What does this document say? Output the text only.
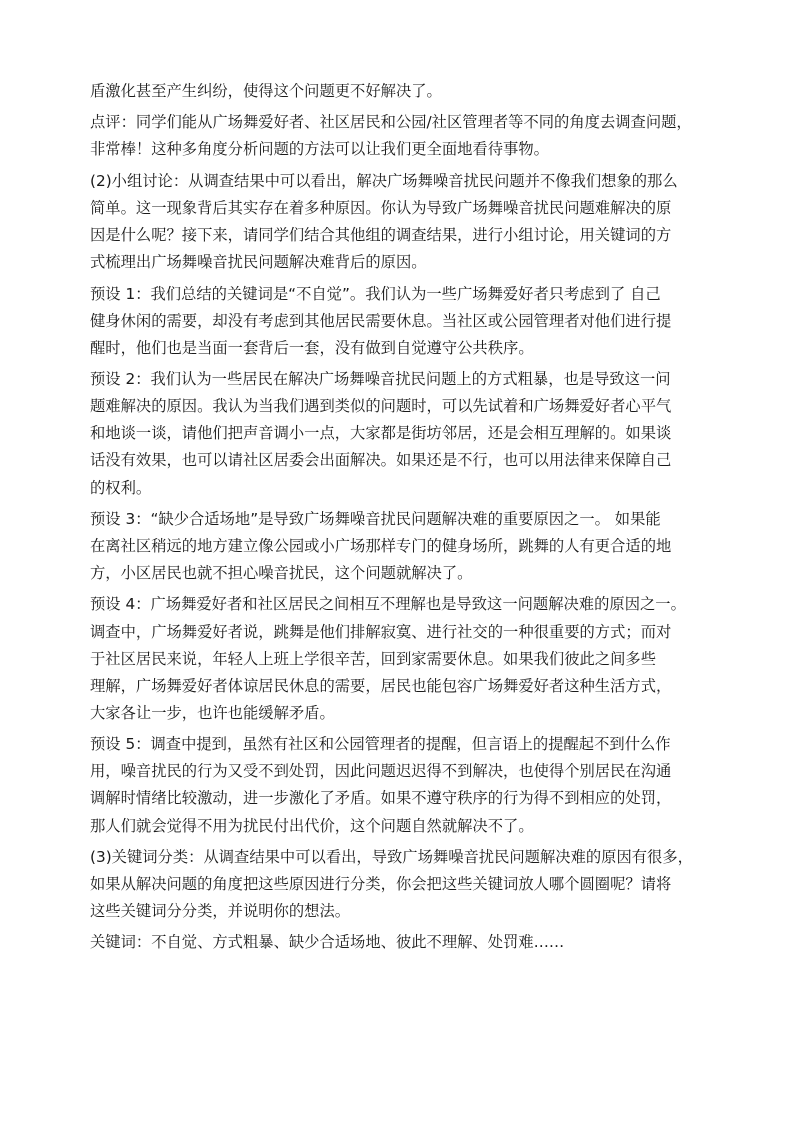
盾激化甚至产生纠纷，使得这个问题更不好解决了。

点评：同学们能从广场舞爱好者、社区居民和公园/社区管理者等不同的角度去调查问题，
非常棒！这种多角度分析问题的方法可以让我们更全面地看待事物。

(2)小组讨论：从调查结果中可以看出，解决广场舞噪音扰民问题并不像我们想象的那么
简单。这一现象背后其实存在着多种原因。你认为导致广场舞噪音扰民问题难解决的原
因是什么呢？接下来，请同学们结合其他组的调查结果，进行小组讨论，用关键词的方
式梳理出广场舞噪音扰民问题解决难背后的原因。

预设 1：我们总结的关键词是“不自觉”。我们认为一些广场舞爱好者只考虑到了 自己
健身休闲的需要，却没有考虑到其他居民需要休息。当社区或公园管理者对他们进行提
醒时，他们也是当面一套背后一套，没有做到自觉遵守公共秩序。

预设 2：我们认为一些居民在解决广场舞噪音扰民问题上的方式粗暴，也是导致这一问
题难解决的原因。我认为当我们遇到类似的问题时，可以先试着和广场舞爱好者心平气
和地谈一谈，请他们把声音调小一点，大家都是街坊邻居，还是会相互理解的。如果谈
话没有效果，也可以请社区居委会出面解决。如果还是不行，也可以用法律来保障自己
的权利。

预设 3：“缺少合适场地”是导致广场舞噪音扰民问题解决难的重要原因之一。 如果能
在离社区稍远的地方建立像公园或小广场那样专门的健身场所，跳舞的人有更合适的地
方，小区居民也就不担心噪音扰民，这个问题就解决了。

预设 4：广场舞爱好者和社区居民之间相互不理解也是导致这一问题解决难的原因之一。
调查中，广场舞爱好者说，跳舞是他们排解寂寞、进行社交的一种很重要的方式；而对
于社区居民来说，年轻人上班上学很辛苦，回到家需要休息。如果我们彼此之间多些
理解，广场舞爱好者体谅居民休息的需要，居民也能包容广场舞爱好者这种生活方式，
大家各让一步，也许也能缓解矛盾。

预设 5：调查中提到，虽然有社区和公园管理者的提醒，但言语上的提醒起不到什么作
用，噪音扰民的行为又受不到处罚，因此问题迟迟得不到解决，也使得个别居民在沟通
调解时情绪比较激动，进一步激化了矛盾。如果不遵守秩序的行为得不到相应的处罚，
那人们就会觉得不用为扰民付出代价，这个问题自然就解决不了。

(3)关键词分类：从调查结果中可以看出，导致广场舞噪音扰民问题解决难的原因有很多，
如果从解决问题的角度把这些原因进行分类，你会把这些关键词放人哪个圆圈呢？请将
这些关键词分分类，并说明你的想法。

关键词：不自觉、方式粗暴、缺少合适场地、彼此不理解、处罚难……
